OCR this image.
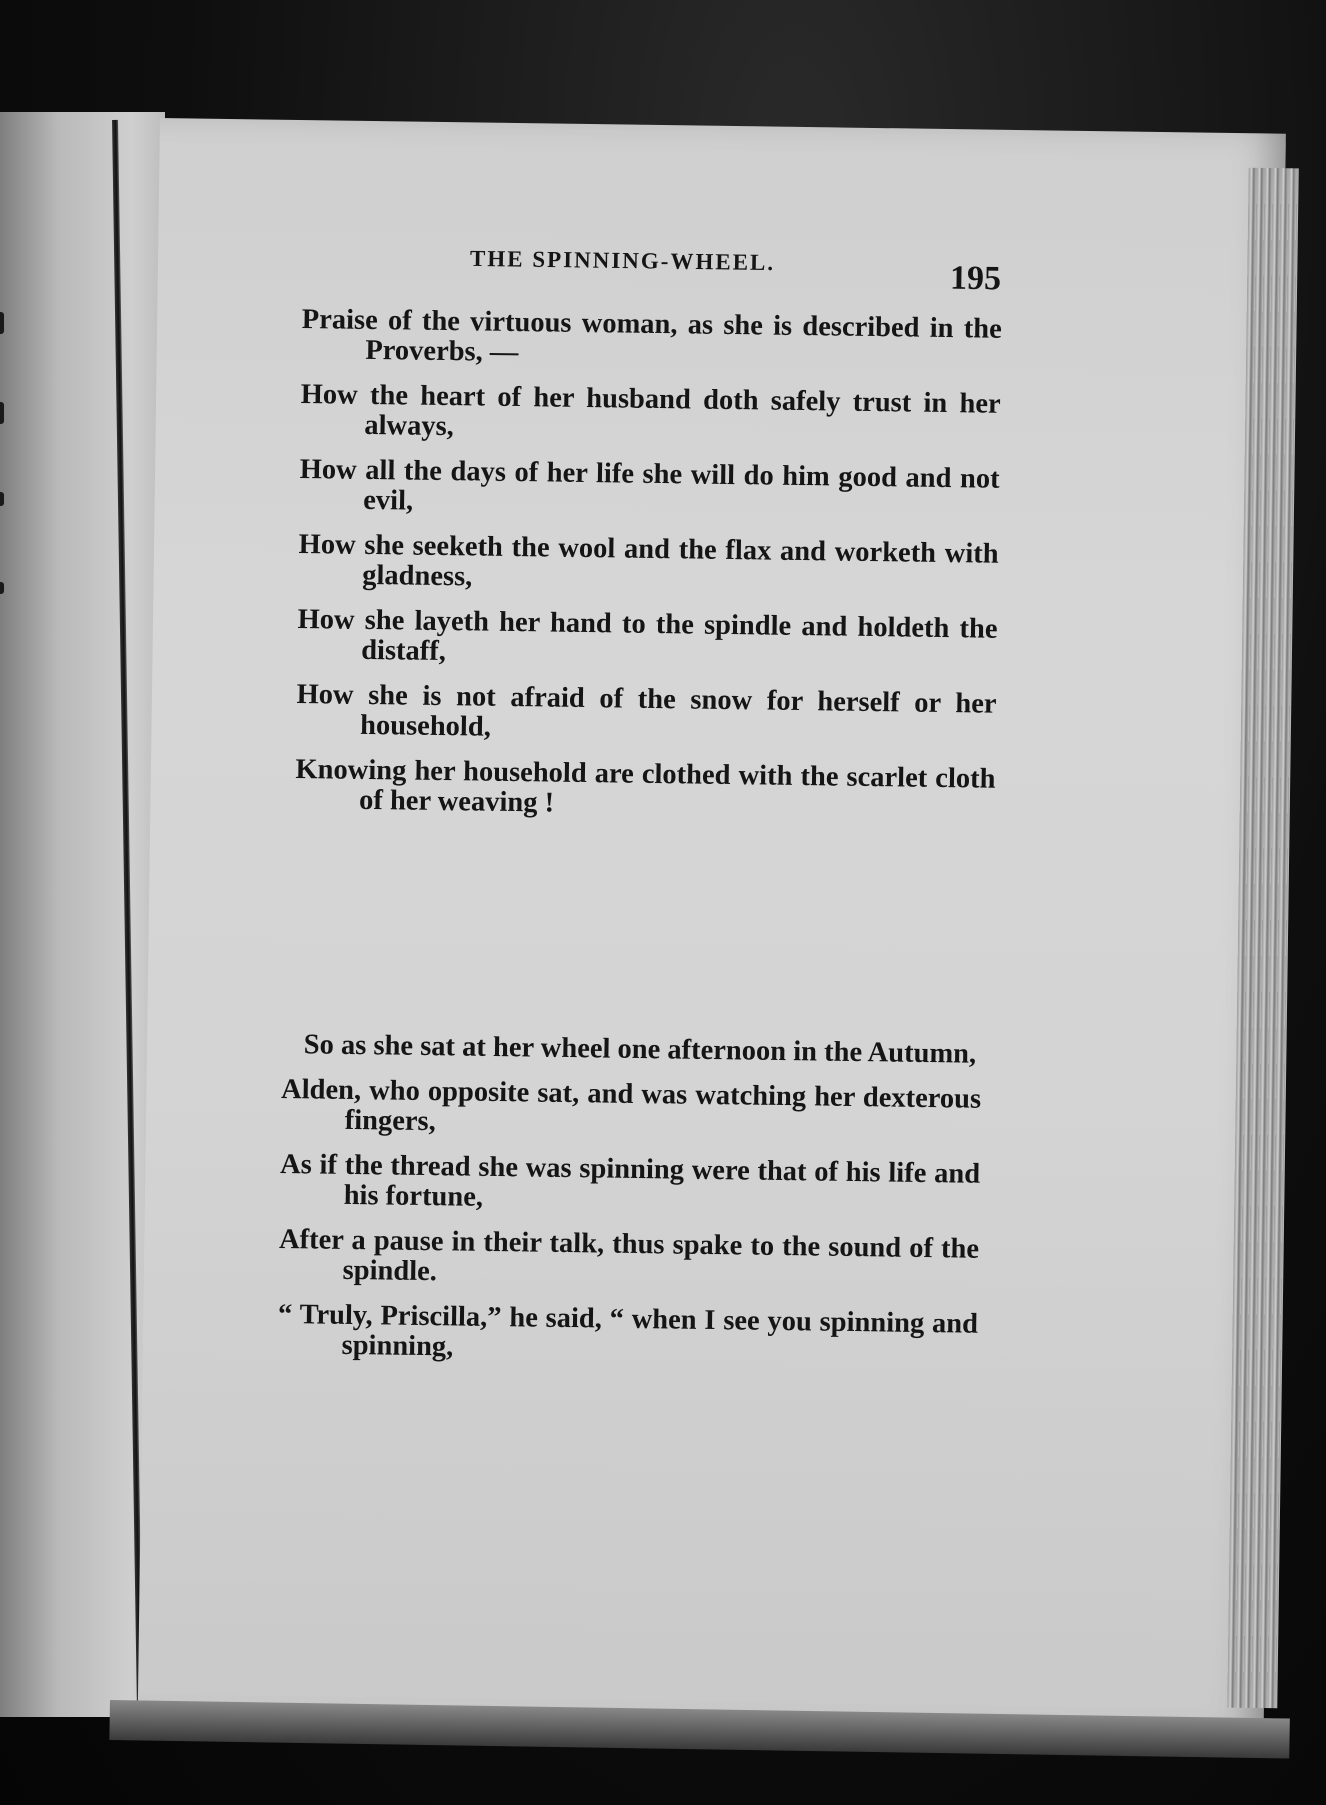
THE SPINNING-WHEEL.	195

Praise of the virtuous woman, as she is described in the Proverbs, —

How the heart of her husband doth safely trust in her always,

How all the days of her life she will do him good and not evil,

How she seeketh the wool and the flax and worketh with gladness,

How she layeth her hand to the spindle and holdeth the distaff,

How she is not afraid of the snow for herself or her household,

Knowing her household are clothed with the scarlet cloth of her weaving !

So as she sat at her wheel one afternoon in the Autumn,

Alden, who opposite sat, and was watching her dexterous fingers,

As if the thread she was spinning were that of his life and his fortune,

After a pause in their talk, thus spake to the sound of the spindle.

“ Truly, Priscilla,” he said, “ when I see you spinning and spinning,
